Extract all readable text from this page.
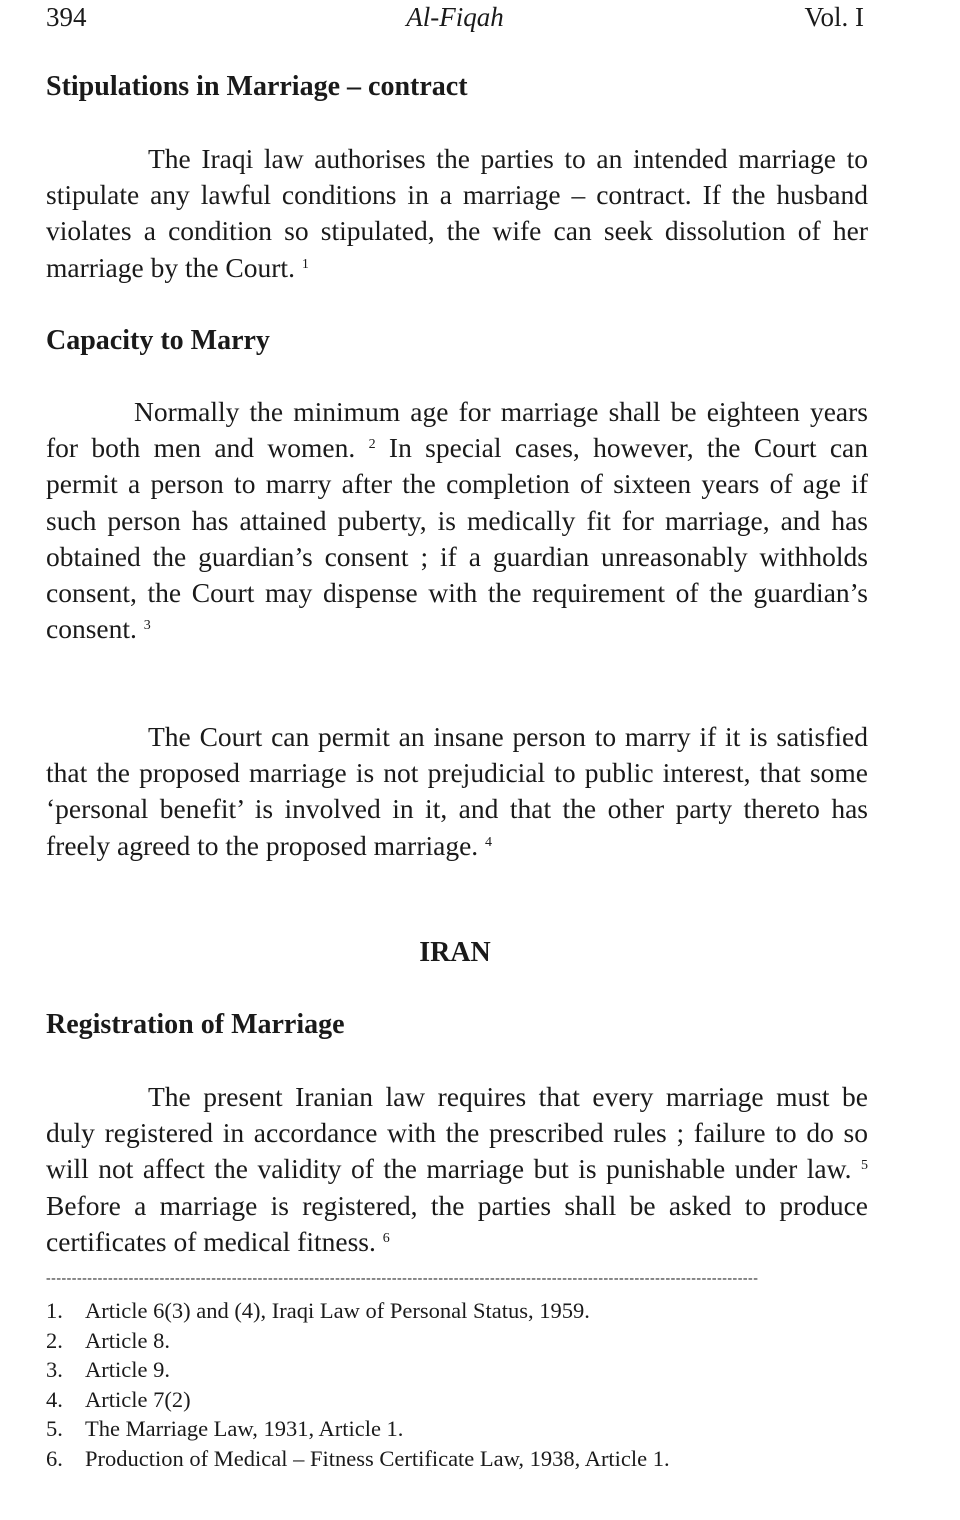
394	Al-Fiqah	Vol. I
Stipulations in Marriage – contract

The Iraqi law authorises the parties to an intended marriage to stipulate any lawful conditions in a marriage – contract. If the husband violates a condition so stipulated, the wife can seek dissolution of her marriage by the Court. $^1$

Capacity to Marry

Normally the minimum age for marriage shall be eighteen years for both men and women. $^2$ In special cases, however, the Court can permit a person to marry after the completion of sixteen years of age if such person has attained puberty, is medically fit for marriage, and has obtained the guardian’s consent ; if a guardian unreasonably withholds consent, the Court may dispense with the requirement of the guardian’s consent. $^3$

The Court can permit an insane person to marry if it is satisfied that the proposed marriage is not prejudicial to public interest, that some ‘personal benefit’ is involved in it, and that the other party thereto has freely agreed to the proposed marriage. $^4$

IRAN
Registration of Marriage

The present Iranian law requires that every marriage must be duly registered in accordance with the prescribed rules ; failure to do so will not affect the validity of the marriage but is punishable under law. $^5$ Before a marriage is registered, the parties shall be asked to produce certificates of medical fitness. $^6$

------------------------------------------------------------------------------------------------------------------------------------------
1. Article 6(3) and (4), Iraqi Law of Personal Status, 1959.
2. Article 8.
3. Article 9.
4. Article 7(2)
5. The Marriage Law, 1931, Article 1.
6. Production of Medical – Fitness Certificate Law, 1938, Article 1.
